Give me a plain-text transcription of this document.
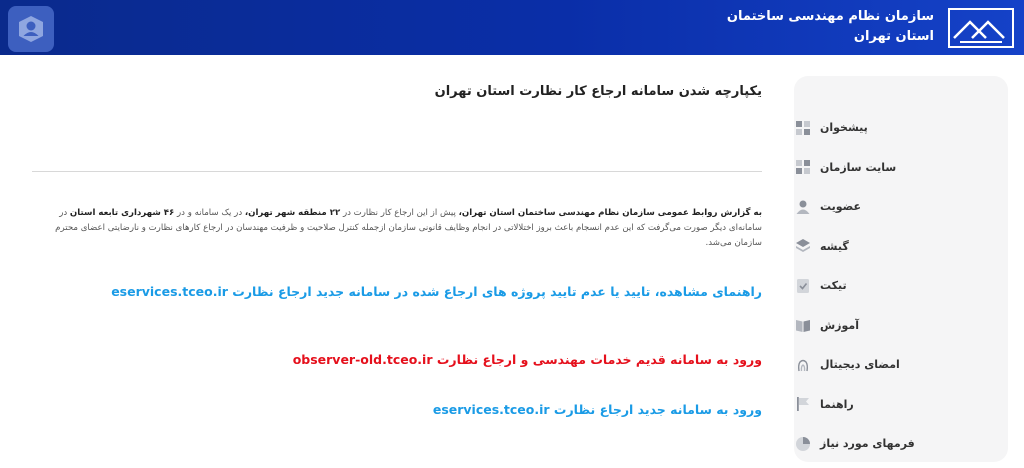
سازمان نظام مهندسی ساختمان
استان تهران
پیشخوان
سایت سازمان
عضویت
گیشه
تیکت
آموزش
امضای دیجیتال
راهنما
فرمهای مورد نیاز
یکپارچه شدن سامانه ارجاع کار نظارت استان تهران
به گزارش روابط عمومی سازمان نظام مهندسی ساختمان استان تهران، پیش از این ارجاع کار نظارت در ۲۲ منطقه شهر تهران، در یک سامانه و در ۴۶ شهرداری تابعه استان در سامانه‌ای دیگر صورت می‌گرفت که این عدم انسجام باعث بروز اختلالاتی در انجام وظایف قانونی سازمان ازجمله کنترل صلاحیت و ظرفیت مهندسان در ارجاع کارهای نظارت و نارضایتی اعضای محترم سازمان می‌شد.
راهنمای مشاهده، تایید یا عدم تایید پروژه های ارجاع شده در سامانه جدید ارجاع نظارت eservices.tceo.ir
ورود به سامانه قدیم خدمات مهندسی و ارجاع نظارت observer-old.tceo.ir
ورود به سامانه جدید ارجاع نظارت eservices.tceo.ir
